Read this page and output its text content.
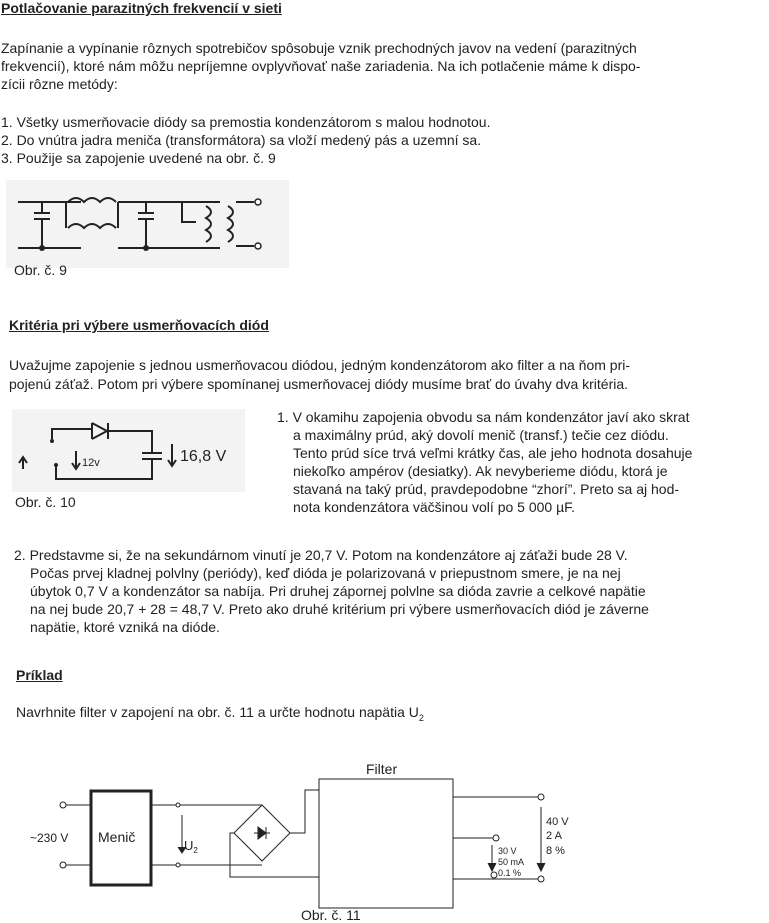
Potlačovanie parazitných frekvencií v sieti
Zapínanie a vypínanie rôznych spotrebičov spôsobuje vznik prechodných javov na vedení (parazitných
frekvencií), ktoré nám môžu nepríjemne ovplyvňovať naše zariadenia. Na ich potlačenie máme k dispo-
zícii rôzne metódy:
1. Všetky usmerňovacie diódy sa premostia kondenzátorom s malou hodnotou.
2. Do vnútra jadra meniča (transformátora) sa vloží medený pás a uzemní sa.
3. Použije sa zapojenie uvedené na obr. č. 9
Obr. č. 9
Kritéria pri výbere usmerňovacích diód
Uvažujme zapojenie s jednou usmerňovacou diódou, jedným kondenzátorom ako filter a na ňom pri-
pojenú záťaž. Potom pri výbere spomínanej usmerňovacej diódy musíme brať do úvahy dva kritéria.
12v	16,8 V
Obr. č. 10
1. V okamihu zapojenia obvodu sa nám kondenzátor javí ako skrat
a maximálny prúd, aký dovolí menič (transf.) tečie cez diódu.
Tento prúd síce trvá veľmi krátky čas, ale jeho hodnota dosahuje
niekoľko ampérov (desiatky). Ak nevyberieme diódu, ktorá je
stavaná na taký prúd, pravdepodobne “zhorí”. Preto sa aj hod-
nota kondenzátora väčšinou volí po 5 000 µF.
2. Predstavme si, že na sekundárnom vinutí je 20,7 V. Potom na kondenzátore aj záťaži bude 28 V.
Počas prvej kladnej polvlny (periódy), keď dióda je polarizovaná v priepustnom smere, je na nej
úbytok 0,7 V a kondenzátor sa nabíja. Pri druhej zápornej polvlne sa dióda zavrie a celkové napätie
na nej bude 20,7 + 28 = 48,7 V. Preto ako druhé kritérium pri výbere usmerňovacích diód je záverne
napätie, ktoré vzniká na dióde.
Príklad
Navrhnite filter v zapojení na obr. č. 11 a určte hodnotu napätia $U_2$
Filter
~230 V Menič
$U_2$
40 V
2 A
8 %
30 V
50 mA
0.1 %
Obr. č. 11
